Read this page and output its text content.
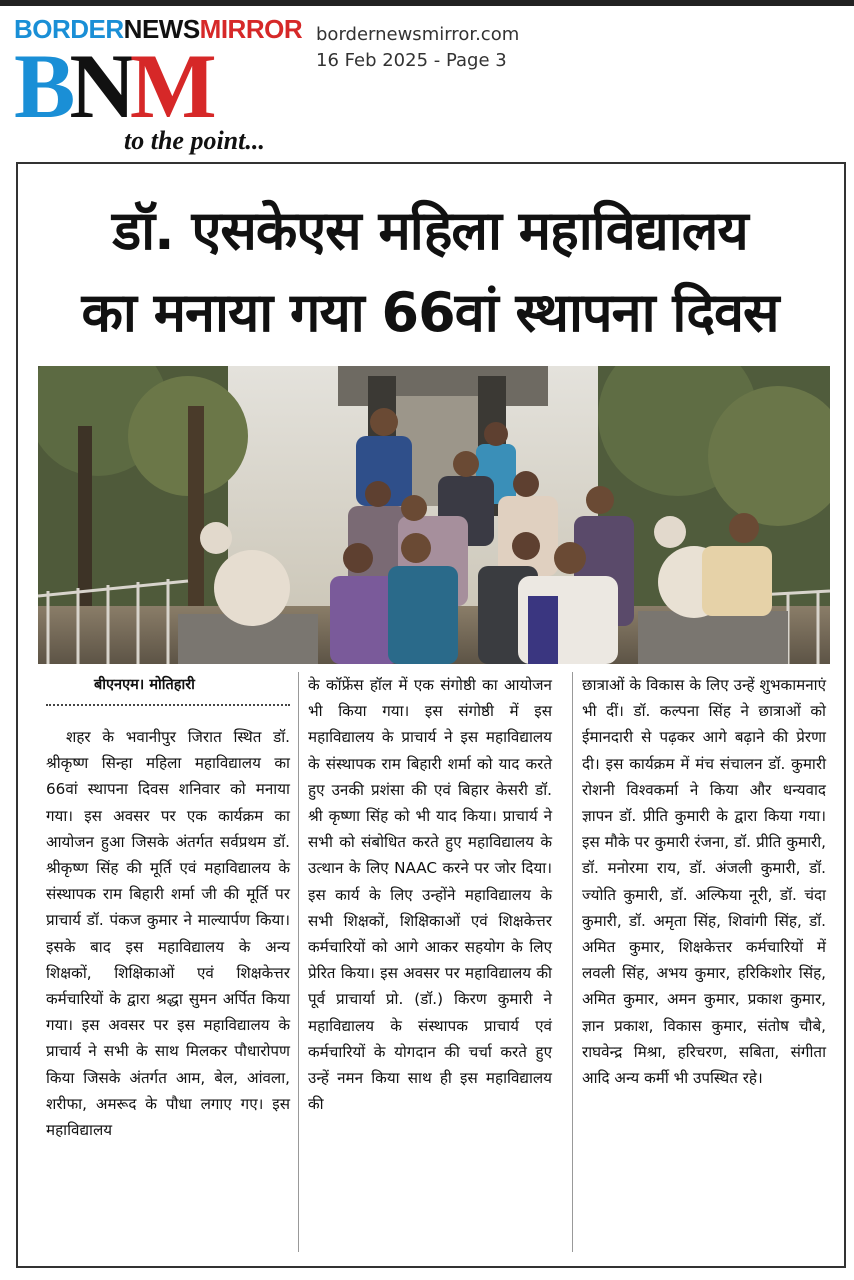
BORDERNEWSMIRROR
BNM
to the point...
bordernewsmirror.com
16 Feb 2025 - Page 3
डॉ. एसकेएस महिला महाविद्यालय
का मनाया गया 66वां स्थापना दिवस
बीएनएम। मोतिहारी

शहर के भवानीपुर जिरात स्थित डॉ. श्रीकृष्ण सिन्हा महिला महाविद्यालय का 66वां स्थापना दिवस शनिवार को मनाया गया। इस अवसर पर एक कार्यक्रम का आयोजन हुआ जिसके अंतर्गत सर्वप्रथम डॉ. श्रीकृष्ण सिंह की मूर्ति एवं महाविद्यालय के संस्थापक राम बिहारी शर्मा जी की मूर्ति पर प्राचार्य डॉ. पंकज कुमार ने माल्यार्पण किया। इसके बाद इस महाविद्यालय के अन्य शिक्षकों, शिक्षिकाओं एवं शिक्षकेत्तर कर्मचारियों के द्वारा श्रद्धा सुमन अर्पित किया गया। इस अवसर पर इस महाविद्यालय के प्राचार्य ने सभी के साथ मिलकर पौधारोपण किया जिसके अंतर्गत आम, बेल, आंवला, शरीफा, अमरूद के पौधा लगाए गए। इस महाविद्यालय

के कॉफ्रेंस हॉल में एक संगोष्ठी का आयोजन भी किया गया। इस संगोष्ठी में इस महाविद्यालय के प्राचार्य ने इस महाविद्यालय के संस्थापक राम बिहारी शर्मा को याद करते हुए उनकी प्रशंसा की एवं बिहार केसरी डॉ. श्री कृष्णा सिंह को भी याद किया। प्राचार्य ने सभी को संबोधित करते हुए महाविद्यालय के उत्थान के लिए NAAC करने पर जोर दिया। इस कार्य के लिए उन्होंने महाविद्यालय के सभी शिक्षकों, शिक्षिकाओं एवं शिक्षकेत्तर कर्मचारियों को आगे आकर सहयोग के लिए प्रेरित किया। इस अवसर पर महाविद्यालय की पूर्व प्राचार्या प्रो. (डॉ.) किरण कुमारी ने महाविद्यालय के संस्थापक प्राचार्य एवं कर्मचारियों के योगदान की चर्चा करते हुए उन्हें नमन किया साथ ही इस महाविद्यालय की

छात्राओं के विकास के लिए उन्हें शुभकामनाएं भी दीं। डॉ. कल्पना सिंह ने छात्राओं को ईमानदारी से पढ़कर आगे बढ़ाने की प्रेरणा दी। इस कार्यक्रम में मंच संचालन डॉ. कुमारी रोशनी विश्वकर्मा ने किया और धन्यवाद ज्ञापन डॉ. प्रीति कुमारी के द्वारा किया गया। इस मौके पर कुमारी रंजना, डॉ. प्रीति कुमारी, डॉ. मनोरमा राय, डॉ. अंजली कुमारी, डॉ. ज्योति कुमारी, डॉ. अल्फिया नूरी, डॉ. चंदा कुमारी, डॉ. अमृता सिंह, शिवांगी सिंह, डॉ. अमित कुमार, शिक्षकेत्तर कर्मचारियों में लवली सिंह, अभय कुमार, हरिकिशोर सिंह, अमित कुमार, अमन कुमार, प्रकाश कुमार, ज्ञान प्रकाश, विकास कुमार, संतोष चौबे, राघवेन्द्र मिश्रा, हरिचरण, सबिता, संगीता आदि अन्य कर्मी भी उपस्थित रहे।
